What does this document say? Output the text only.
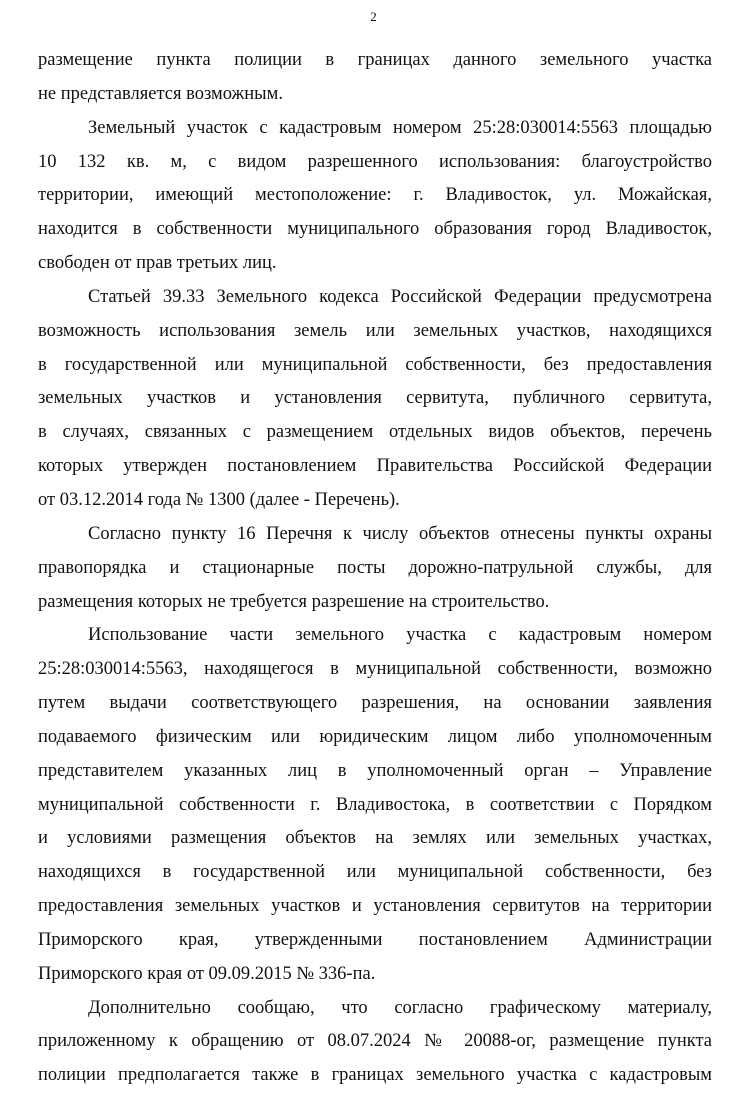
2

размещение пункта полиции в границах данного земельного участка

не представляется возможным.

Земельный участок с кадастровым номером 25:28:030014:5563 площадью

10 132 кв. м, с видом разрешенного использования: благоустройство

территории, имеющий местоположение: г. Владивосток, ул. Можайская,

находится в собственности муниципального образования город Владивосток,

свободен от прав третьих лиц.

Статьей 39.33 Земельного кодекса Российской Федерации предусмотрена

возможность использования земель или земельных участков, находящихся

в государственной или муниципальной собственности, без предоставления

земельных участков и установления сервитута, публичного сервитута,

в случаях, связанных с размещением отдельных видов объектов, перечень

которых утвержден постановлением Правительства Российской Федерации

от 03.12.2014 года № 1300 (далее - Перечень).

Согласно пункту 16 Перечня к числу объектов отнесены пункты охраны

правопорядка и стационарные посты дорожно-патрульной службы, для

размещения которых не требуется разрешение на строительство.

Использование части земельного участка с кадастровым номером

25:28:030014:5563, находящегося в муниципальной собственности, возможно

путем выдачи соответствующего разрешения, на основании заявления

подаваемого физическим или юридическим лицом либо уполномоченным

представителем указанных лиц в уполномоченный орган – Управление

муниципальной собственности г. Владивостока, в соответствии с Порядком

и условиями размещения объектов на землях или земельных участках,

находящихся в государственной или муниципальной собственности, без

предоставления земельных участков и установления сервитутов на территории

Приморского края, утвержденными постановлением Администрации

Приморского края от 09.09.2015 № 336-па.

Дополнительно сообщаю, что согласно графическому материалу,

приложенному к обращению от 08.07.2024 № 20088-ог, размещение пункта

полиции предполагается также в границах земельного участка с кадастровым
